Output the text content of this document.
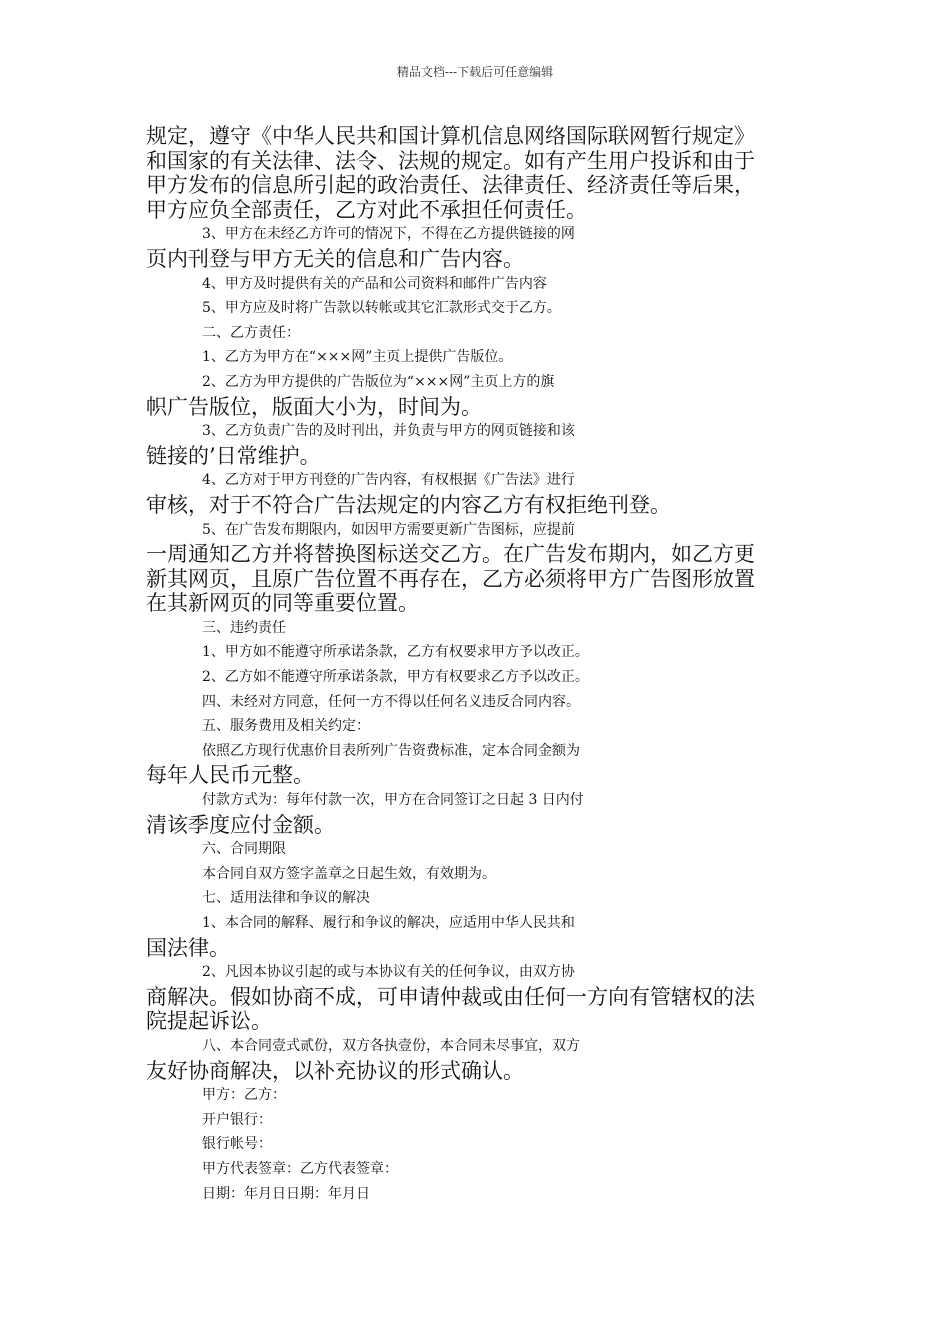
精品文档---下载后可任意编辑
规定，遵守《中华人民共和国计算机信息网络国际联网暂行规定》
和国家的有关法律、法令、法规的规定。如有产生用户投诉和由于
甲方发布的信息所引起的政治责任、法律责任、经济责任等后果，
甲方应负全部责任，乙方对此不承担任何责任。
3、甲方在未经乙方许可的情况下，不得在乙方提供链接的网
页内刊登与甲方无关的信息和广告内容。
4、甲方及时提供有关的产品和公司资料和邮件广告内容
5、甲方应及时将广告款以转帐或其它汇款形式交于乙方。
二、乙方责任：
1、乙方为甲方在“×××网”主页上提供广告版位。
2、乙方为甲方提供的广告版位为“×××网”主页上方的旗
帜广告版位，版面大小为，时间为。
3、乙方负责广告的及时刊出，并负责与甲方的网页链接和该
链接的’日常维护。
4、乙方对于甲方刊登的广告内容，有权根据《广告法》进行
审核，对于不符合广告法规定的内容乙方有权拒绝刊登。
5、在广告发布期限内，如因甲方需要更新广告图标，应提前
一周通知乙方并将替换图标送交乙方。在广告发布期内，如乙方更
新其网页，且原广告位置不再存在，乙方必须将甲方广告图形放置
在其新网页的同等重要位置。
三、违约责任
1、甲方如不能遵守所承诺条款，乙方有权要求甲方予以改正。
2、乙方如不能遵守所承诺条款，甲方有权要求乙方予以改正。
四、未经对方同意，任何一方不得以任何名义违反合同内容。
五、服务费用及相关约定：
依照乙方现行优惠价目表所列广告资费标准，定本合同金额为
每年人民币元整。
付款方式为：每年付款一次，甲方在合同签订之日起 3 日内付
清该季度应付金额。
六、合同期限
本合同自双方签字盖章之日起生效，有效期为。
七、适用法律和争议的解决
1、本合同的解释、履行和争议的解决，应适用中华人民共和
国法律。
2、凡因本协议引起的或与本协议有关的任何争议，由双方协
商解决。假如协商不成，可申请仲裁或由任何一方向有管辖权的法
院提起诉讼。
八、本合同壹式贰份，双方各执壹份，本合同未尽事宜，双方
友好协商解决，以补充协议的形式确认。
甲方：乙方：
开户银行：
银行帐号：
甲方代表签章：乙方代表签章：
日期：年月日日期：年月日
